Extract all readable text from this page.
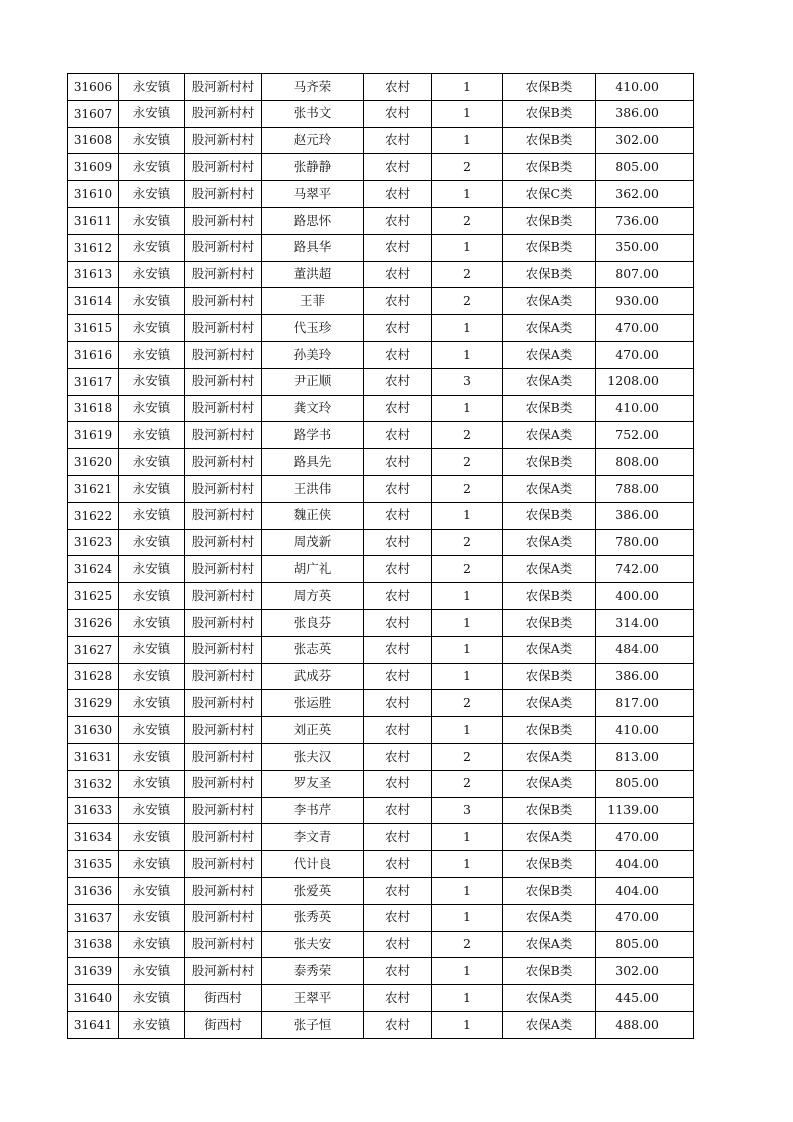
31606	永安镇	股河新村村	马齐荣	农村	1	农保B类	410.00
31607	永安镇	股河新村村	张书文	农村	1	农保B类	386.00
31608	永安镇	股河新村村	赵元玲	农村	1	农保B类	302.00
31609	永安镇	股河新村村	张静静	农村	2	农保B类	805.00
31610	永安镇	股河新村村	马翠平	农村	1	农保C类	362.00
31611	永安镇	股河新村村	路思怀	农村	2	农保B类	736.00
31612	永安镇	股河新村村	路具华	农村	1	农保B类	350.00
31613	永安镇	股河新村村	董洪超	农村	2	农保B类	807.00
31614	永安镇	股河新村村	王菲	农村	2	农保A类	930.00
31615	永安镇	股河新村村	代玉珍	农村	1	农保A类	470.00
31616	永安镇	股河新村村	孙美玲	农村	1	农保A类	470.00
31617	永安镇	股河新村村	尹正顺	农村	3	农保A类	1208.00
31618	永安镇	股河新村村	龚文玲	农村	1	农保B类	410.00
31619	永安镇	股河新村村	路学书	农村	2	农保A类	752.00
31620	永安镇	股河新村村	路具先	农村	2	农保B类	808.00
31621	永安镇	股河新村村	王洪伟	农村	2	农保A类	788.00
31622	永安镇	股河新村村	魏正侠	农村	1	农保B类	386.00
31623	永安镇	股河新村村	周茂新	农村	2	农保A类	780.00
31624	永安镇	股河新村村	胡广礼	农村	2	农保A类	742.00
31625	永安镇	股河新村村	周方英	农村	1	农保B类	400.00
31626	永安镇	股河新村村	张良芬	农村	1	农保B类	314.00
31627	永安镇	股河新村村	张志英	农村	1	农保A类	484.00
31628	永安镇	股河新村村	武成芬	农村	1	农保B类	386.00
31629	永安镇	股河新村村	张运胜	农村	2	农保A类	817.00
31630	永安镇	股河新村村	刘正英	农村	1	农保B类	410.00
31631	永安镇	股河新村村	张夫汉	农村	2	农保A类	813.00
31632	永安镇	股河新村村	罗友圣	农村	2	农保A类	805.00
31633	永安镇	股河新村村	李书芹	农村	3	农保B类	1139.00
31634	永安镇	股河新村村	李文青	农村	1	农保A类	470.00
31635	永安镇	股河新村村	代计良	农村	1	农保B类	404.00
31636	永安镇	股河新村村	张爱英	农村	1	农保B类	404.00
31637	永安镇	股河新村村	张秀英	农村	1	农保A类	470.00
31638	永安镇	股河新村村	张夫安	农村	2	农保A类	805.00
31639	永安镇	股河新村村	泰秀荣	农村	1	农保B类	302.00
31640	永安镇	街西村	王翠平	农村	1	农保A类	445.00
31641	永安镇	街西村	张子恒	农村	1	农保A类	488.00
